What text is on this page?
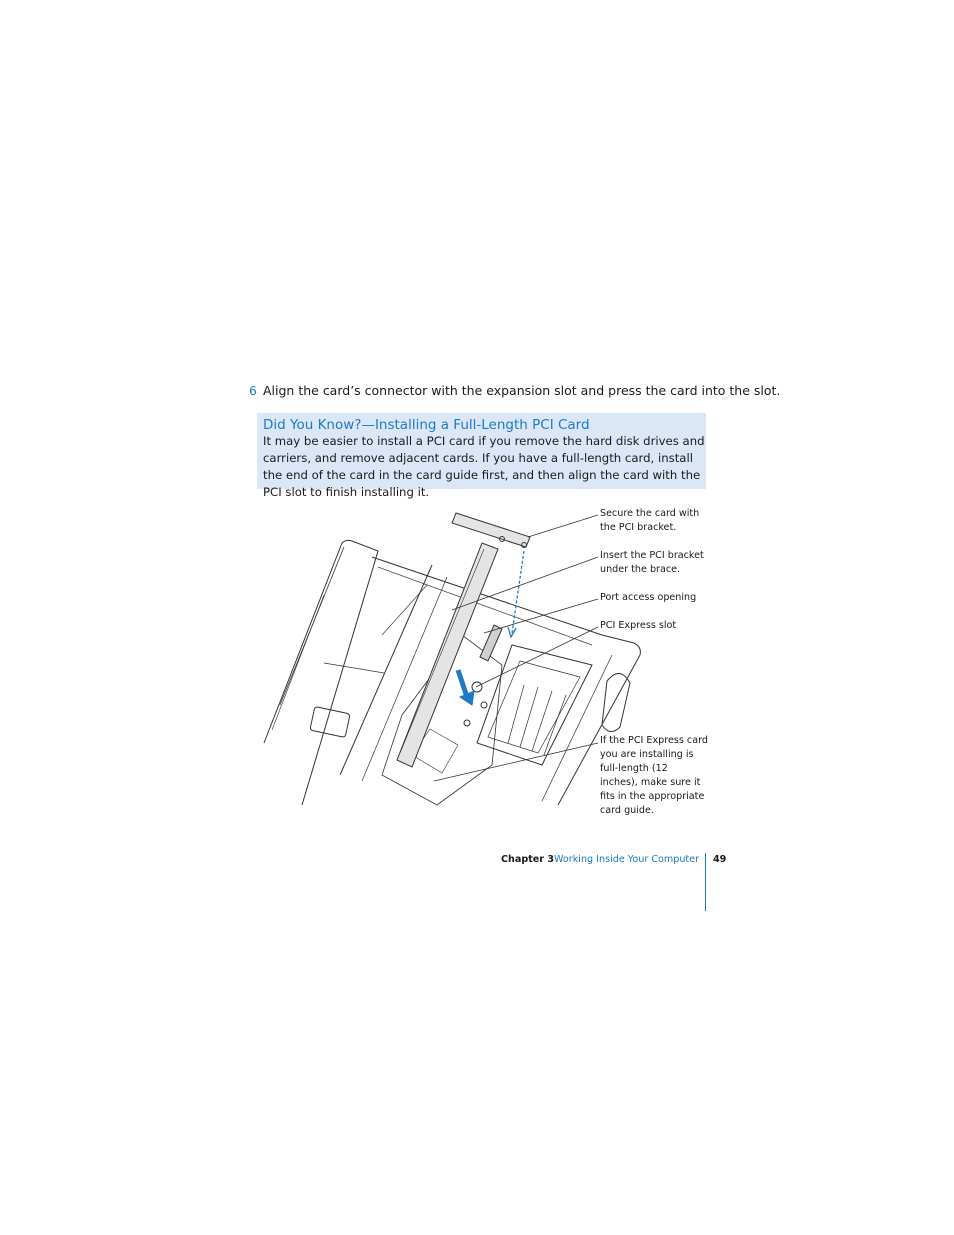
6 Align the card’s connector with the expansion slot and press the card into the slot.
Did You Know?—Installing a Full-Length PCI Card
It may be easier to install a PCI card if you remove the hard disk drives and carriers, and remove adjacent cards. If you have a full-length card, install the end of the card in the card guide first, and then align the card with the PCI slot to finish installing it.
Secure the card with the PCI bracket.
Insert the PCI bracket under the brace.
Port access opening
PCI Express slot
If the PCI Express card you are installing is full-length (12 inches), make sure it fits in the appropriate card guide.
Chapter 3 Working Inside Your Computer 49
